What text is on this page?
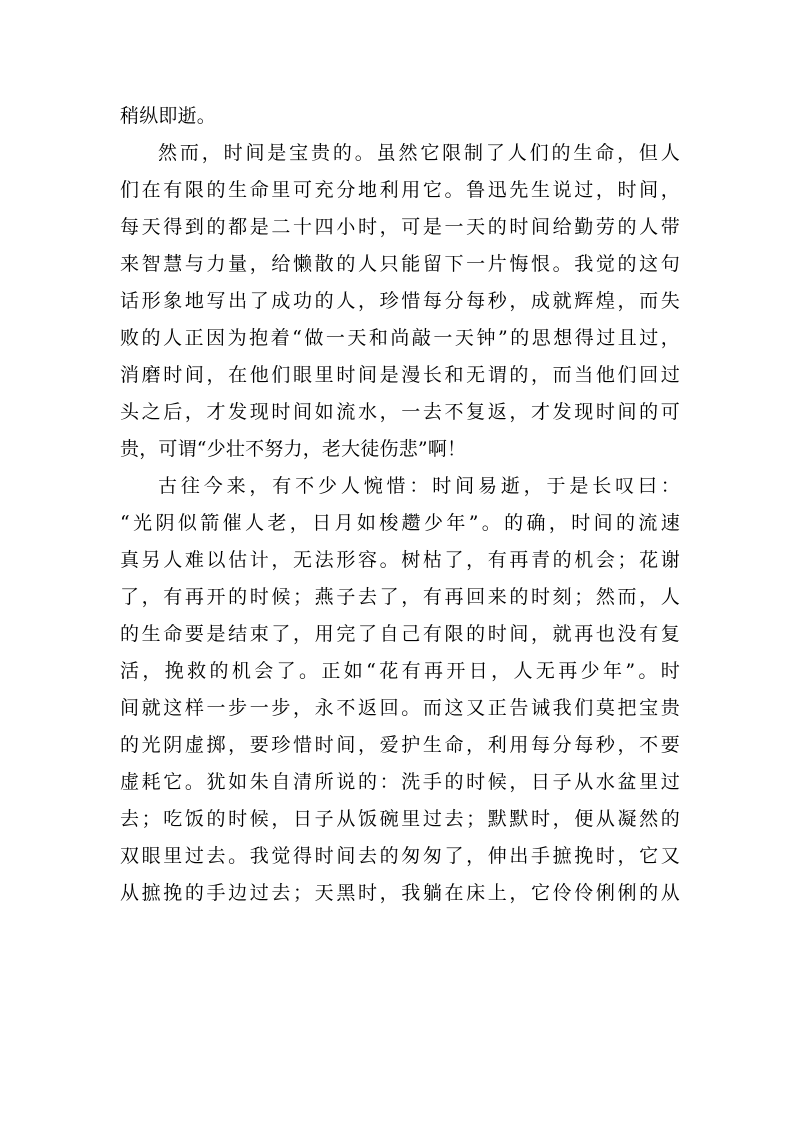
稍纵即逝。
然而，时间是宝贵的。虽然它限制了人们的生命，但人
们在有限的生命里可充分地利用它。鲁迅先生说过，时间，
每天得到的都是二十四小时，可是一天的时间给勤劳的人带
来智慧与力量，给懒散的人只能留下一片悔恨。我觉的这句
话形象地写出了成功的人，珍惜每分每秒，成就辉煌，而失
败的人正因为抱着“做一天和尚敲一天钟”的思想得过且过，
消磨时间，在他们眼里时间是漫长和无谓的，而当他们回过
头之后，才发现时间如流水，一去不复返，才发现时间的可
贵，可谓“少壮不努力，老大徒伤悲”啊！
古往今来，有不少人惋惜：时间易逝，于是长叹曰：
“光阴似箭催人老，日月如梭趱少年”。的确，时间的流速
真另人难以估计，无法形容。树枯了，有再青的机会；花谢
了，有再开的时候；燕子去了，有再回来的时刻；然而，人
的生命要是结束了，用完了自己有限的时间，就再也没有复
活，挽救的机会了。正如“花有再开日，人无再少年”。时
间就这样一步一步，永不返回。而这又正告诫我们莫把宝贵
的光阴虚掷，要珍惜时间，爱护生命，利用每分每秒，不要
虚耗它。犹如朱自清所说的：洗手的时候，日子从水盆里过
去；吃饭的时候，日子从饭碗里过去；默默时，便从凝然的
双眼里过去。我觉得时间去的匆匆了，伸出手摭挽时，它又
从摭挽的手边过去；天黑时，我躺在床上，它伶伶俐俐的从
